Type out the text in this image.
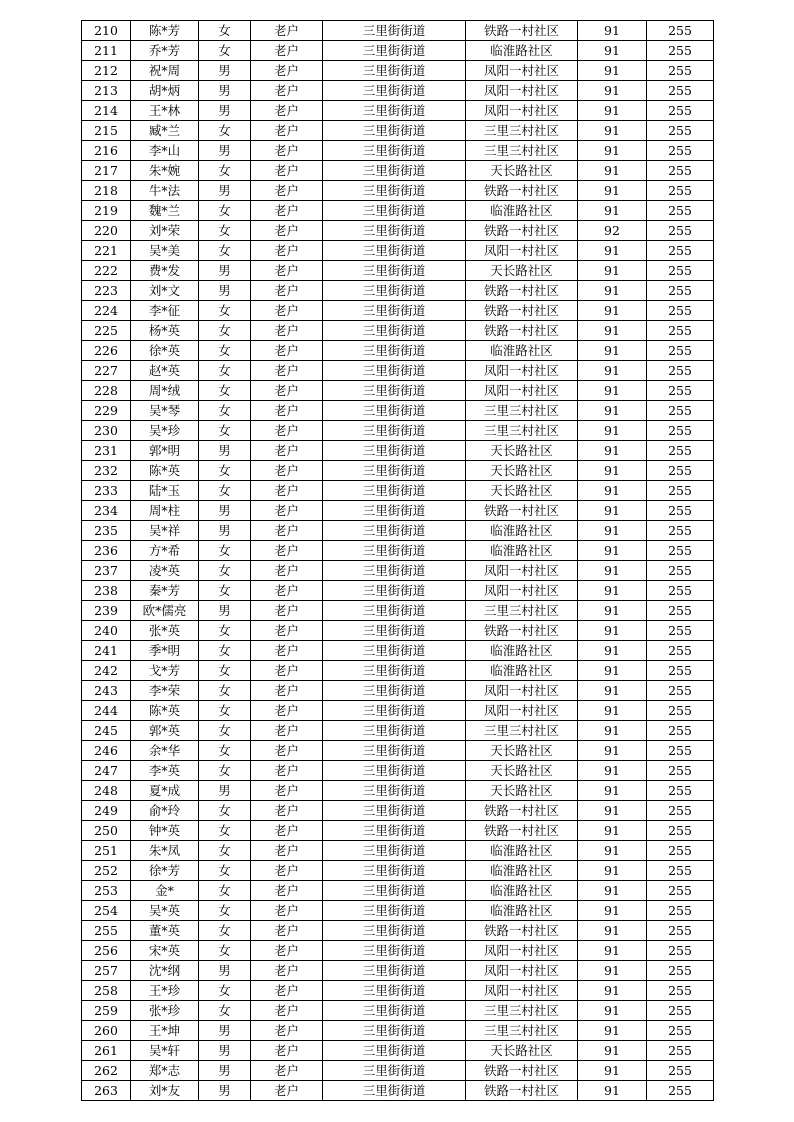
210	陈*芳	女	老户	三里街街道	铁路一村社区	91	255
211	乔*芳	女	老户	三里街街道	临淮路社区	91	255
212	祝*周	男	老户	三里街街道	凤阳一村社区	91	255
213	胡*炳	男	老户	三里街街道	凤阳一村社区	91	255
214	王*林	男	老户	三里街街道	凤阳一村社区	91	255
215	臧*兰	女	老户	三里街街道	三里三村社区	91	255
216	李*山	男	老户	三里街街道	三里三村社区	91	255
217	朱*婉	女	老户	三里街街道	天长路社区	91	255
218	牛*法	男	老户	三里街街道	铁路一村社区	91	255
219	魏*兰	女	老户	三里街街道	临淮路社区	91	255
220	刘*荣	女	老户	三里街街道	铁路一村社区	92	255
221	吴*美	女	老户	三里街街道	凤阳一村社区	91	255
222	费*发	男	老户	三里街街道	天长路社区	91	255
223	刘*文	男	老户	三里街街道	铁路一村社区	91	255
224	李*征	女	老户	三里街街道	铁路一村社区	91	255
225	杨*英	女	老户	三里街街道	铁路一村社区	91	255
226	徐*英	女	老户	三里街街道	临淮路社区	91	255
227	赵*英	女	老户	三里街街道	凤阳一村社区	91	255
228	周*绒	女	老户	三里街街道	凤阳一村社区	91	255
229	吴*琴	女	老户	三里街街道	三里三村社区	91	255
230	吴*珍	女	老户	三里街街道	三里三村社区	91	255
231	郭*明	男	老户	三里街街道	天长路社区	91	255
232	陈*英	女	老户	三里街街道	天长路社区	91	255
233	陆*玉	女	老户	三里街街道	天长路社区	91	255
234	周*柱	男	老户	三里街街道	铁路一村社区	91	255
235	吴*祥	男	老户	三里街街道	临淮路社区	91	255
236	方*希	女	老户	三里街街道	临淮路社区	91	255
237	凌*英	女	老户	三里街街道	凤阳一村社区	91	255
238	秦*芳	女	老户	三里街街道	凤阳一村社区	91	255
239	欧*儒亮	男	老户	三里街街道	三里三村社区	91	255
240	张*英	女	老户	三里街街道	铁路一村社区	91	255
241	季*明	女	老户	三里街街道	临淮路社区	91	255
242	戈*芳	女	老户	三里街街道	临淮路社区	91	255
243	李*荣	女	老户	三里街街道	凤阳一村社区	91	255
244	陈*英	女	老户	三里街街道	凤阳一村社区	91	255
245	郭*英	女	老户	三里街街道	三里三村社区	91	255
246	余*华	女	老户	三里街街道	天长路社区	91	255
247	李*英	女	老户	三里街街道	天长路社区	91	255
248	夏*成	男	老户	三里街街道	天长路社区	91	255
249	俞*玲	女	老户	三里街街道	铁路一村社区	91	255
250	钟*英	女	老户	三里街街道	铁路一村社区	91	255
251	朱*凤	女	老户	三里街街道	临淮路社区	91	255
252	徐*芳	女	老户	三里街街道	临淮路社区	91	255
253	金*	女	老户	三里街街道	临淮路社区	91	255
254	吴*英	女	老户	三里街街道	临淮路社区	91	255
255	董*英	女	老户	三里街街道	铁路一村社区	91	255
256	宋*英	女	老户	三里街街道	凤阳一村社区	91	255
257	沈*纲	男	老户	三里街街道	凤阳一村社区	91	255
258	王*珍	女	老户	三里街街道	凤阳一村社区	91	255
259	张*珍	女	老户	三里街街道	三里三村社区	91	255
260	王*坤	男	老户	三里街街道	三里三村社区	91	255
261	吴*轩	男	老户	三里街街道	天长路社区	91	255
262	郑*志	男	老户	三里街街道	铁路一村社区	91	255
263	刘*友	男	老户	三里街街道	铁路一村社区	91	255
